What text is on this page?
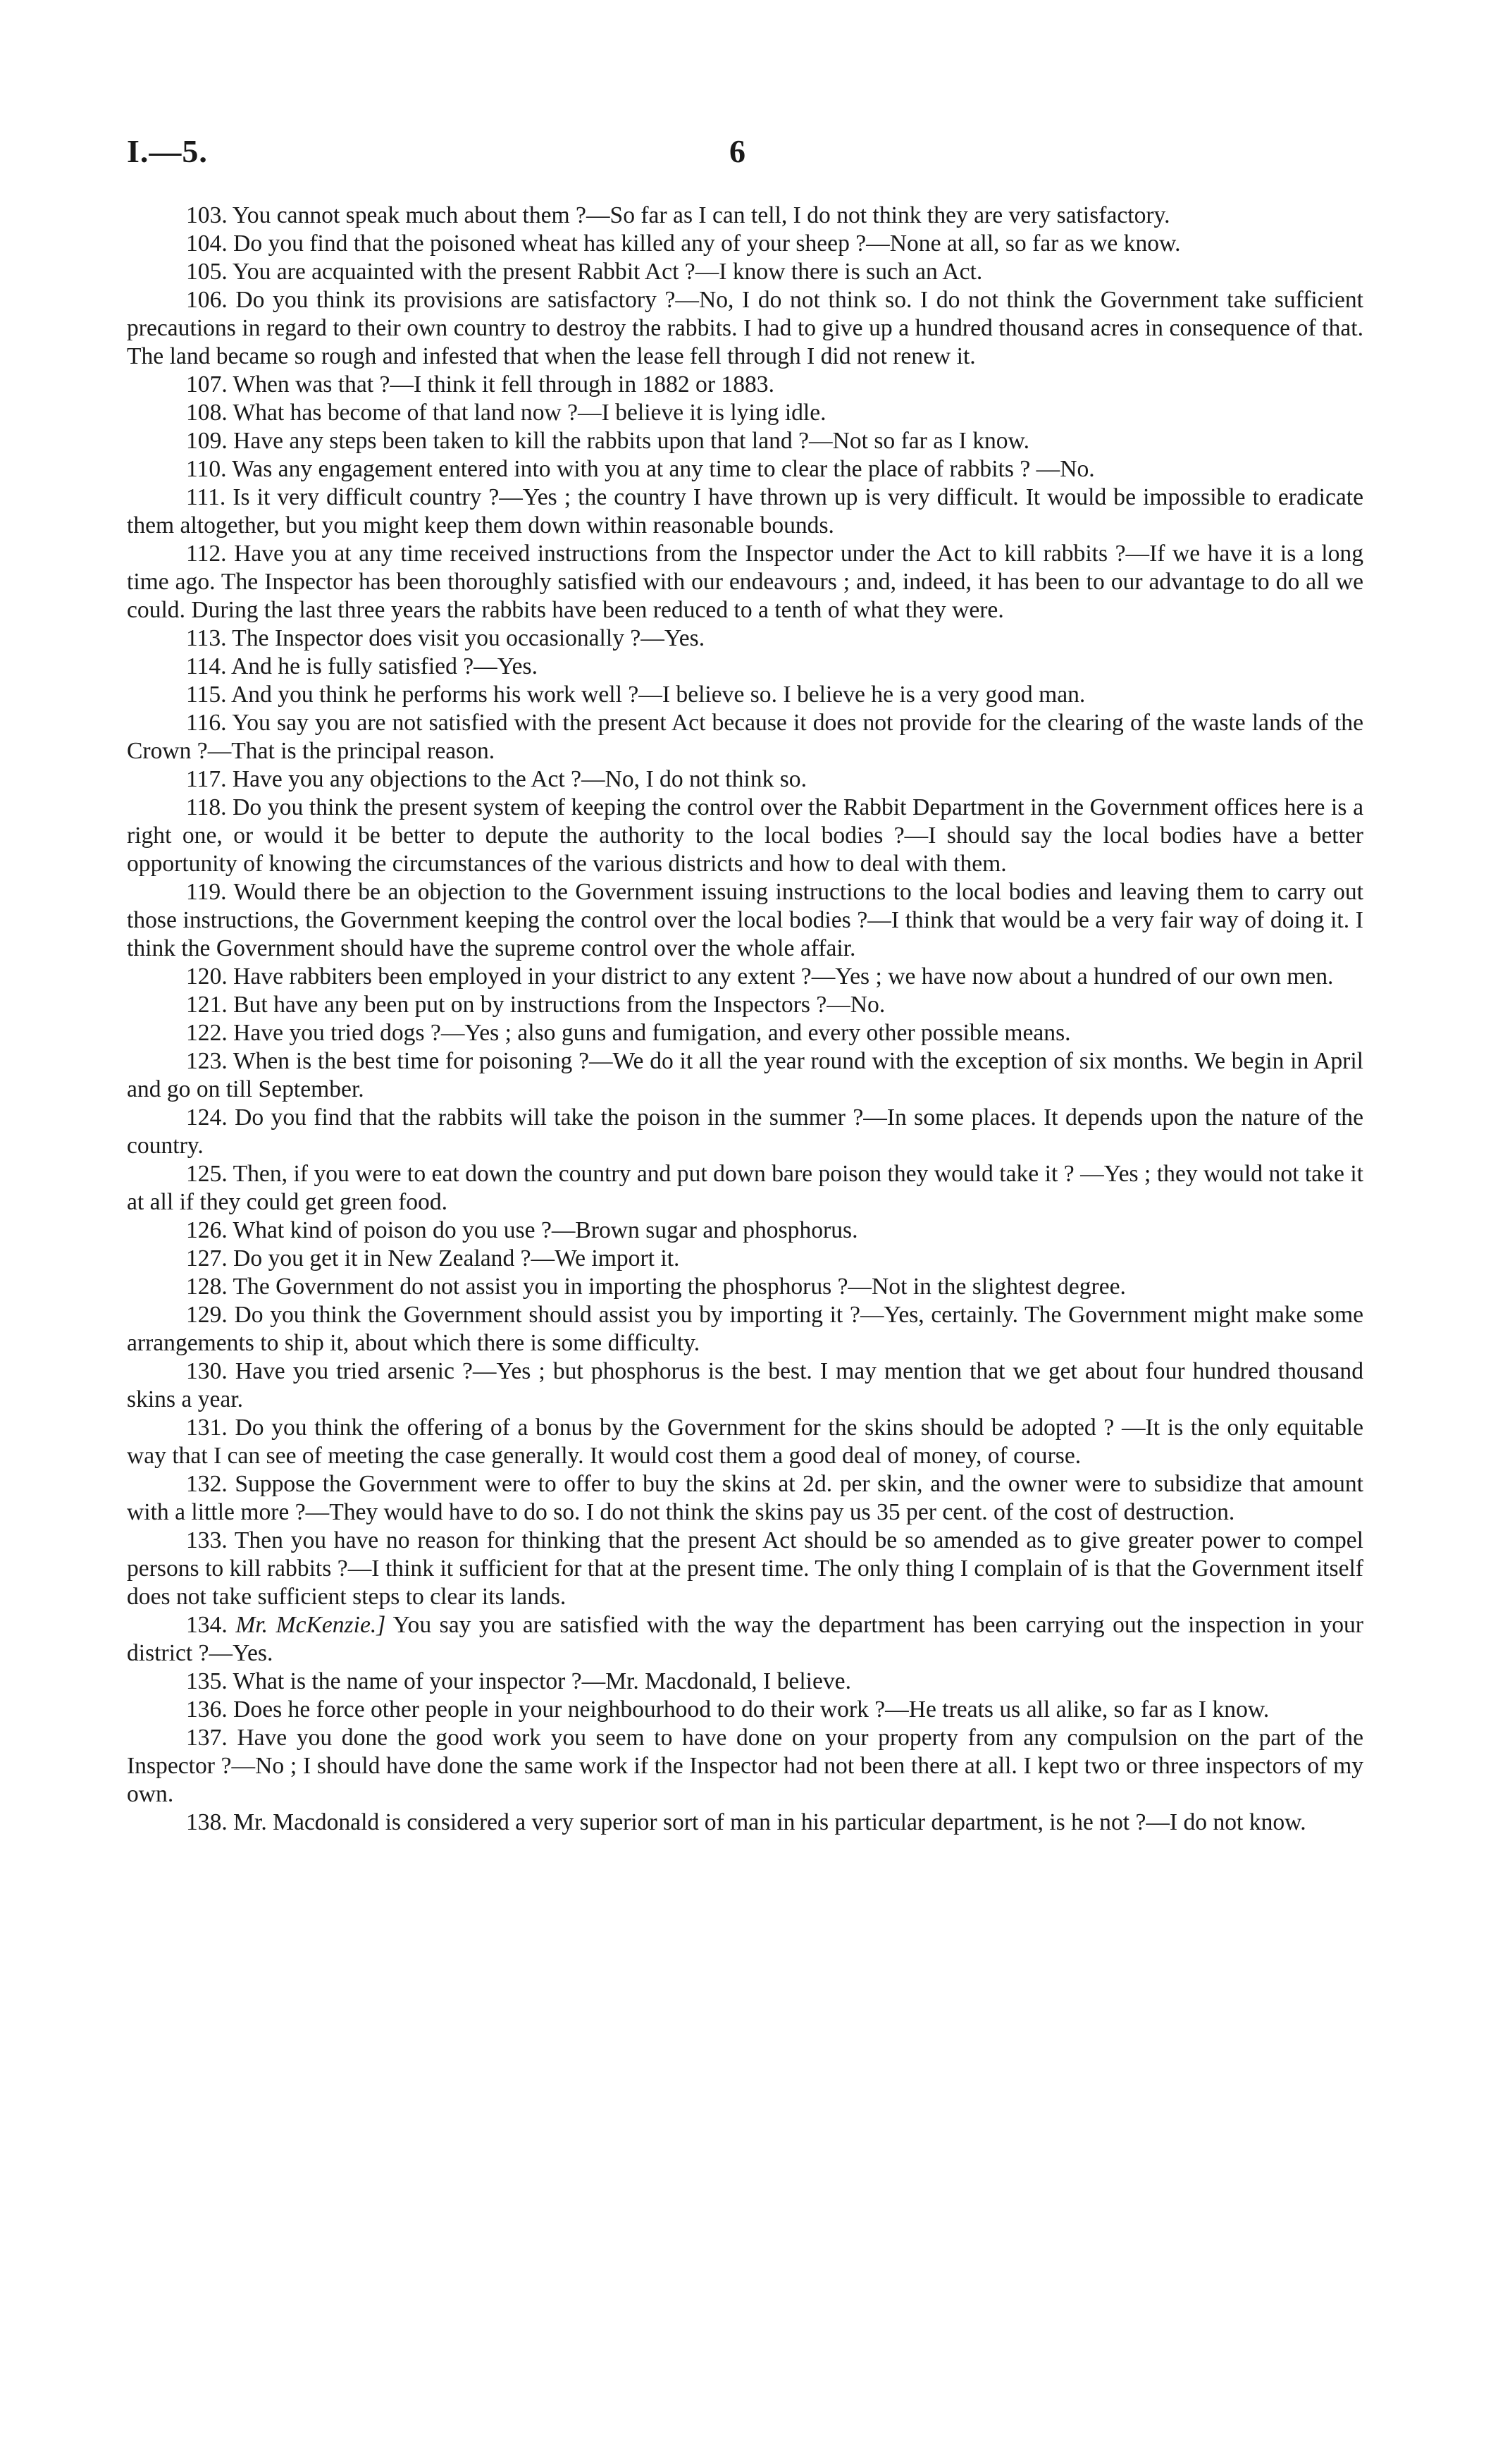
I.—5.	6

103. You cannot speak much about them ?—So far as I can tell, I do not think they are very satisfactory.

104. Do you find that the poisoned wheat has killed any of your sheep ?—None at all, so far as we know.

105. You are acquainted with the present Rabbit Act ?—I know there is such an Act.

106. Do you think its provisions are satisfactory ?—No, I do not think so. I do not think the Government take sufficient precautions in regard to their own country to destroy the rabbits. I had to give up a hundred thousand acres in consequence of that. The land became so rough and infested that when the lease fell through I did not renew it.

107. When was that ?—I think it fell through in 1882 or 1883.

108. What has become of that land now ?—I believe it is lying idle.

109. Have any steps been taken to kill the rabbits upon that land ?—Not so far as I know.

110. Was any engagement entered into with you at any time to clear the place of rabbits ? —No.

111. Is it very difficult country ?—Yes ; the country I have thrown up is very difficult. It would be impossible to eradicate them altogether, but you might keep them down within reasonable bounds.

112. Have you at any time received instructions from the Inspector under the Act to kill rabbits ?—If we have it is a long time ago. The Inspector has been thoroughly satisfied with our endeavours ; and, indeed, it has been to our advantage to do all we could. During the last three years the rabbits have been reduced to a tenth of what they were.

113. The Inspector does visit you occasionally ?—Yes.

114. And he is fully satisfied ?—Yes.

115. And you think he performs his work well ?—I believe so. I believe he is a very good man.

116. You say you are not satisfied with the present Act because it does not provide for the clearing of the waste lands of the Crown ?—That is the principal reason.

117. Have you any objections to the Act ?—No, I do not think so.

118. Do you think the present system of keeping the control over the Rabbit Department in the Government offices here is a right one, or would it be better to depute the authority to the local bodies ?—I should say the local bodies have a better opportunity of knowing the circumstances of the various districts and how to deal with them.

119. Would there be an objection to the Government issuing instructions to the local bodies and leaving them to carry out those instructions, the Government keeping the control over the local bodies ?—I think that would be a very fair way of doing it. I think the Government should have the supreme control over the whole affair.

120. Have rabbiters been employed in your district to any extent ?—Yes ; we have now about a hundred of our own men.

121. But have any been put on by instructions from the Inspectors ?—No.

122. Have you tried dogs ?—Yes ; also guns and fumigation, and every other possible means.

123. When is the best time for poisoning ?—We do it all the year round with the exception of six months. We begin in April and go on till September.

124. Do you find that the rabbits will take the poison in the summer ?—In some places. It depends upon the nature of the country.

125. Then, if you were to eat down the country and put down bare poison they would take it ? —Yes ; they would not take it at all if they could get green food.

126. What kind of poison do you use ?—Brown sugar and phosphorus.

127. Do you get it in New Zealand ?—We import it.

128. The Government do not assist you in importing the phosphorus ?—Not in the slightest degree.

129. Do you think the Government should assist you by importing it ?—Yes, certainly. The Government might make some arrangements to ship it, about which there is some difficulty.

130. Have you tried arsenic ?—Yes ; but phosphorus is the best. I may mention that we get about four hundred thousand skins a year.

131. Do you think the offering of a bonus by the Government for the skins should be adopted ? —It is the only equitable way that I can see of meeting the case generally. It would cost them a good deal of money, of course.

132. Suppose the Government were to offer to buy the skins at 2d. per skin, and the owner were to subsidize that amount with a little more ?—They would have to do so. I do not think the skins pay us 35 per cent. of the cost of destruction.

133. Then you have no reason for thinking that the present Act should be so amended as to give greater power to compel persons to kill rabbits ?—I think it sufficient for that at the present time. The only thing I complain of is that the Government itself does not take sufficient steps to clear its lands.

134. Mr. McKenzie.] You say you are satisfied with the way the department has been carrying out the inspection in your district ?—Yes.

135. What is the name of your inspector ?—Mr. Macdonald, I believe.

136. Does he force other people in your neighbourhood to do their work ?—He treats us all alike, so far as I know.

137. Have you done the good work you seem to have done on your property from any compulsion on the part of the Inspector ?—No ; I should have done the same work if the Inspector had not been there at all. I kept two or three inspectors of my own.

138. Mr. Macdonald is considered a very superior sort of man in his particular department, is he not ?—I do not know.
